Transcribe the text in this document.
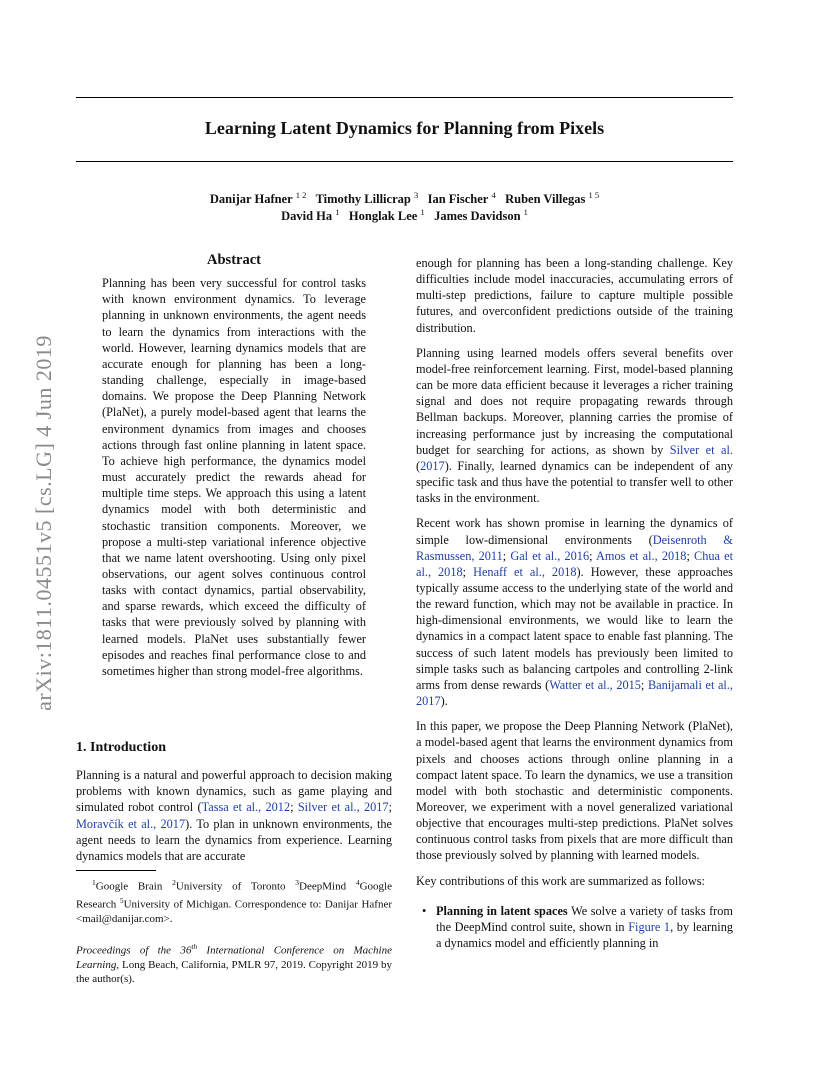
Learning Latent Dynamics for Planning from Pixels
Danijar Hafner $^{1 2}$ Timothy Lillicrap $^3$ Ian Fischer $^4$ Ruben Villegas $^{1 5}$
David Ha $^1$ Honglak Lee $^1$ James Davidson $^1$
arXiv:1811.04551v5 [cs.LG] 4 Jun 2019
Abstract

Planning has been very successful for control tasks with known environment dynamics. To leverage planning in unknown environments, the agent needs to learn the dynamics from interactions with the world. However, learning dynamics models that are accurate enough for planning has been a long-standing challenge, especially in image-based domains. We propose the Deep Planning Network (PlaNet), a purely model-based agent that learns the environment dynamics from images and chooses actions through fast online planning in latent space. To achieve high performance, the dynamics model must accurately predict the rewards ahead for multiple time steps. We approach this using a latent dynamics model with both deterministic and stochastic transition components. Moreover, we propose a multi-step variational inference objective that we name latent overshooting. Using only pixel observations, our agent solves continuous control tasks with contact dynamics, partial observability, and sparse rewards, which exceed the difficulty of tasks that were previously solved by planning with learned models. PlaNet uses substantially fewer episodes and reaches final performance close to and sometimes higher than strong model-free algorithms.

1. Introduction

Planning is a natural and powerful approach to decision making problems with known dynamics, such as game playing and simulated robot control (Tassa et al., 2012; Silver et al., 2017; Moravčík et al., 2017). To plan in unknown environments, the agent needs to learn the dynamics from experience. Learning dynamics models that are accurate

$^1$Google Brain $^2$University of Toronto $^3$DeepMind $^4$Google Research $^5$University of Michigan. Correspondence to: Danijar Hafner <mail@danijar.com>.

Proceedings of the 36th International Conference on Machine Learning, Long Beach, California, PMLR 97, 2019. Copyright 2019 by the author(s).

enough for planning has been a long-standing challenge. Key difficulties include model inaccuracies, accumulating errors of multi-step predictions, failure to capture multiple possible futures, and overconfident predictions outside of the training distribution.

Planning using learned models offers several benefits over model-free reinforcement learning. First, model-based planning can be more data efficient because it leverages a richer training signal and does not require propagating rewards through Bellman backups. Moreover, planning carries the promise of increasing performance just by increasing the computational budget for searching for actions, as shown by Silver et al. (2017). Finally, learned dynamics can be independent of any specific task and thus have the potential to transfer well to other tasks in the environment.

Recent work has shown promise in learning the dynamics of simple low-dimensional environments (Deisenroth & Rasmussen, 2011; Gal et al., 2016; Amos et al., 2018; Chua et al., 2018; Henaff et al., 2018). However, these approaches typically assume access to the underlying state of the world and the reward function, which may not be available in practice. In high-dimensional environments, we would like to learn the dynamics in a compact latent space to enable fast planning. The success of such latent models has previously been limited to simple tasks such as balancing cartpoles and controlling 2-link arms from dense rewards (Watter et al., 2015; Banijamali et al., 2017).

In this paper, we propose the Deep Planning Network (PlaNet), a model-based agent that learns the environment dynamics from pixels and chooses actions through online planning in a compact latent space. To learn the dynamics, we use a transition model with both stochastic and deterministic components. Moreover, we experiment with a novel generalized variational objective that encourages multi-step predictions. PlaNet solves continuous control tasks from pixels that are more difficult than those previously solved by planning with learned models.

Key contributions of this work are summarized as follows:

• Planning in latent spaces We solve a variety of tasks from the DeepMind control suite, shown in Figure 1, by learning a dynamics model and efficiently planning in
